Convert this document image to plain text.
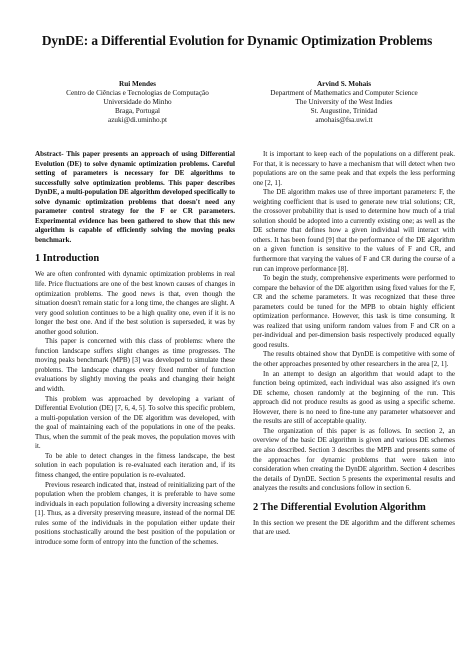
DynDE: a Differential Evolution for Dynamic Optimization Problems
Rui Mendes
Centro de Ciências e Tecnologias de Computação
Universidade do Minho
Braga, Portugal
azuki@di.uminho.pt
Arvind S. Mohais
Department of Mathematics and Computer Science
The University of the West Indies
St. Augustine, Trinidad
amohais@fsa.uwi.tt

Abstract- This paper presents an approach of using Differential Evolution (DE) to solve dynamic optimization problems. Careful setting of parameters is necessary for DE algorithms to successfully solve optimization problems. This paper describes DynDE, a multi-population DE algorithm developed specifically to solve dynamic optimization problems that doesn't need any parameter control strategy for the F or CR parameters. Experimental evidence has been gathered to show that this new algorithm is capable of efficiently solving the moving peaks benchmark.

1 Introduction

We are often confronted with dynamic optimization problems in real life. Price fluctuations are one of the best known causes of changes in optimization problems. The good news is that, even though the situation doesn't remain static for a long time, the changes are slight. A very good solution continues to be a high quality one, even if it is no longer the best one. And if the best solution is superseded, it was by another good solution.

This paper is concerned with this class of problems: where the function landscape suffers slight changes as time progresses. The moving peaks benchmark (MPB) [3] was developed to simulate these problems. The landscape changes every fixed number of function evaluations by slightly moving the peaks and changing their height and width.

This problem was approached by developing a variant of Differential Evolution (DE) [7, 6, 4, 5]. To solve this specific problem, a multi-population version of the DE algorithm was developed, with the goal of maintaining each of the populations in one of the peaks. Thus, when the summit of the peak moves, the population moves with it.

To be able to detect changes in the fitness landscape, the best solution in each population is re-evaluated each iteration and, if its fitness changed, the entire population is re-evaluated.

Previous research indicated that, instead of reinitializing part of the population when the problem changes, it is preferable to have some individuals in each population following a diversity increasing scheme [1]. Thus, as a diversity preserving measure, instead of the normal DE rules some of the individuals in the population either update their positions stochastically around the best position of the population or introduce some form of entropy into the function of the schemes.

It is important to keep each of the populations on a different peak. For that, it is necessary to have a mechanism that will detect when two populations are on the same peak and that expels the less performing one [2, 1].

The DE algorithm makes use of three important parameters: F, the weighting coefficient that is used to generate new trial solutions; CR, the crossover probability that is used to determine how much of a trial solution should be adopted into a currently existing one; as well as the DE scheme that defines how a given individual will interact with others. It has been found [9] that the performance of the DE algorithm on a given function is sensitive to the values of F and CR, and furthermore that varying the values of F and CR during the course of a run can improve performance [8].

To begin the study, comprehensive experiments were performed to compare the behavior of the DE algorithm using fixed values for the F, CR and the scheme parameters. It was recognized that these three parameters could be tuned for the MPB to obtain highly efficient optimization performance. However, this task is time consuming. It was realized that using uniform random values from F and CR on a per-individual and per-dimension basis respectively produced equally good results.

The results obtained show that DynDE is competitive with some of the other approaches presented by other researchers in the area [2, 1].

In an attempt to design an algorithm that would adapt to the function being optimized, each individual was also assigned it's own DE scheme, chosen randomly at the beginning of the run. This approach did not produce results as good as using a specific scheme. However, there is no need to fine-tune any parameter whatsoever and the results are still of acceptable quality.

The organization of this paper is as follows. In section 2, an overview of the basic DE algorithm is given and various DE schemes are also described. Section 3 describes the MPB and presents some of the approaches for dynamic problems that were taken into consideration when creating the DynDE algorithm. Section 4 describes the details of DynDE. Section 5 presents the experimental results and analyzes the results and conclusions follow in section 6.

2 The Differential Evolution Algorithm

In this section we present the DE algorithm and the different schemes that are used.
